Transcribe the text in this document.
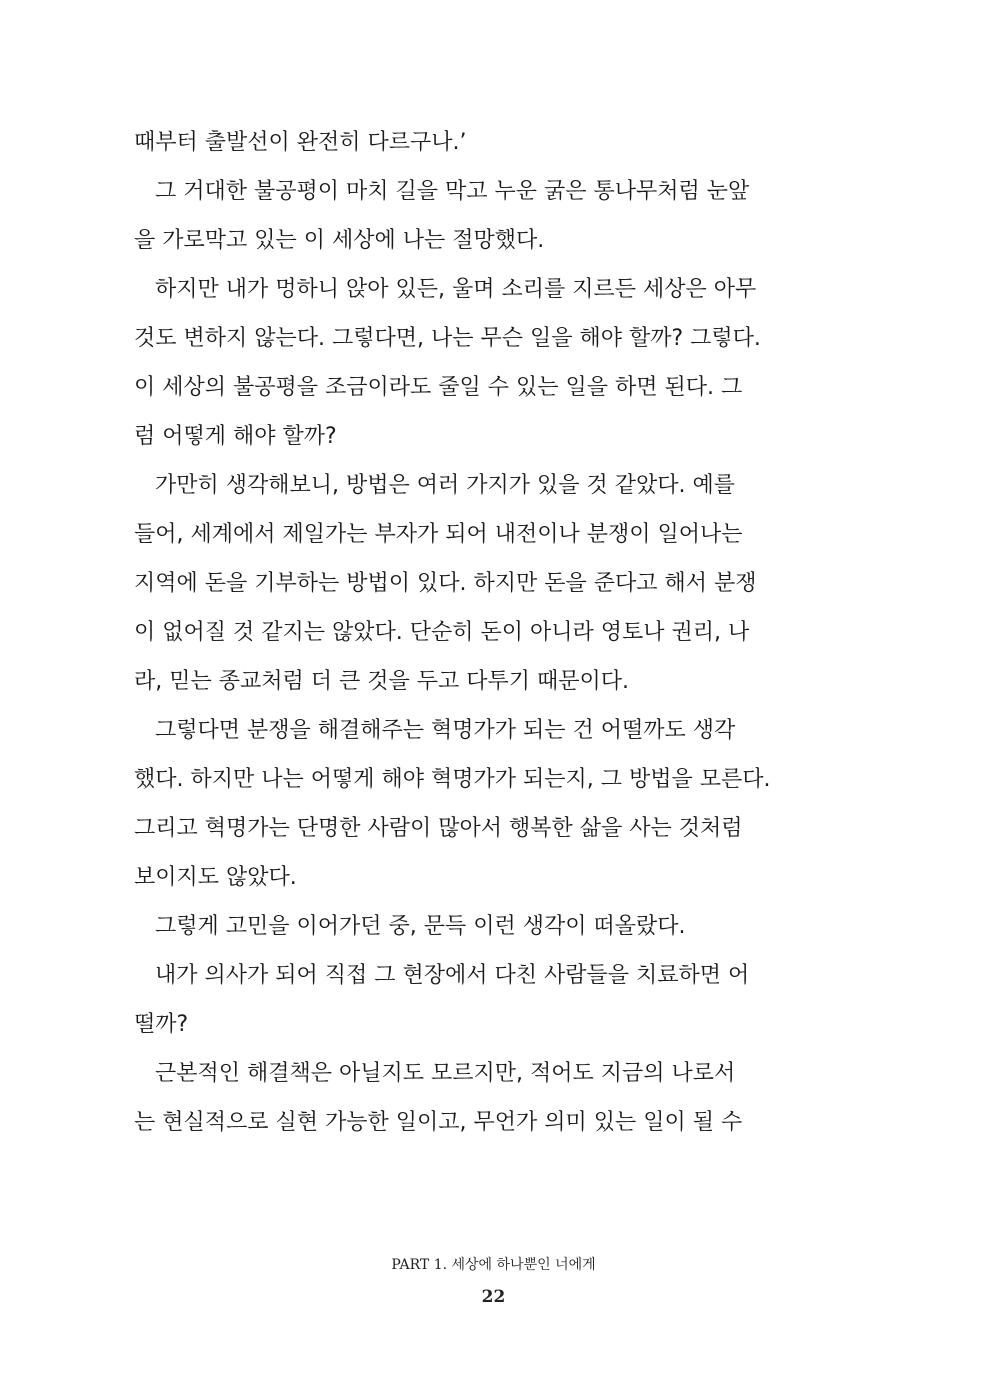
때부터 출발선이 완전히 다르구나.’
그 거대한 불공평이 마치 길을 막고 누운 굵은 통나무처럼 눈앞
을 가로막고 있는 이 세상에 나는 절망했다.
하지만 내가 멍하니 앉아 있든, 울며 소리를 지르든 세상은 아무
것도 변하지 않는다. 그렇다면, 나는 무슨 일을 해야 할까? 그렇다.
이 세상의 불공평을 조금이라도 줄일 수 있는 일을 하면 된다. 그
럼 어떻게 해야 할까?
가만히 생각해보니, 방법은 여러 가지가 있을 것 같았다. 예를
들어, 세계에서 제일가는 부자가 되어 내전이나 분쟁이 일어나는
지역에 돈을 기부하는 방법이 있다. 하지만 돈을 준다고 해서 분쟁
이 없어질 것 같지는 않았다. 단순히 돈이 아니라 영토나 권리, 나
라, 믿는 종교처럼 더 큰 것을 두고 다투기 때문이다.
그렇다면 분쟁을 해결해주는 혁명가가 되는 건 어떨까도 생각
했다. 하지만 나는 어떻게 해야 혁명가가 되는지, 그 방법을 모른다.
그리고 혁명가는 단명한 사람이 많아서 행복한 삶을 사는 것처럼
보이지도 않았다.
그렇게 고민을 이어가던 중, 문득 이런 생각이 떠올랐다.
내가 의사가 되어 직접 그 현장에서 다친 사람들을 치료하면 어
떨까?
근본적인 해결책은 아닐지도 모르지만, 적어도 지금의 나로서
는 현실적으로 실현 가능한 일이고, 무언가 의미 있는 일이 될 수
PART 1. 세상에 하나뿐인 너에게
22
